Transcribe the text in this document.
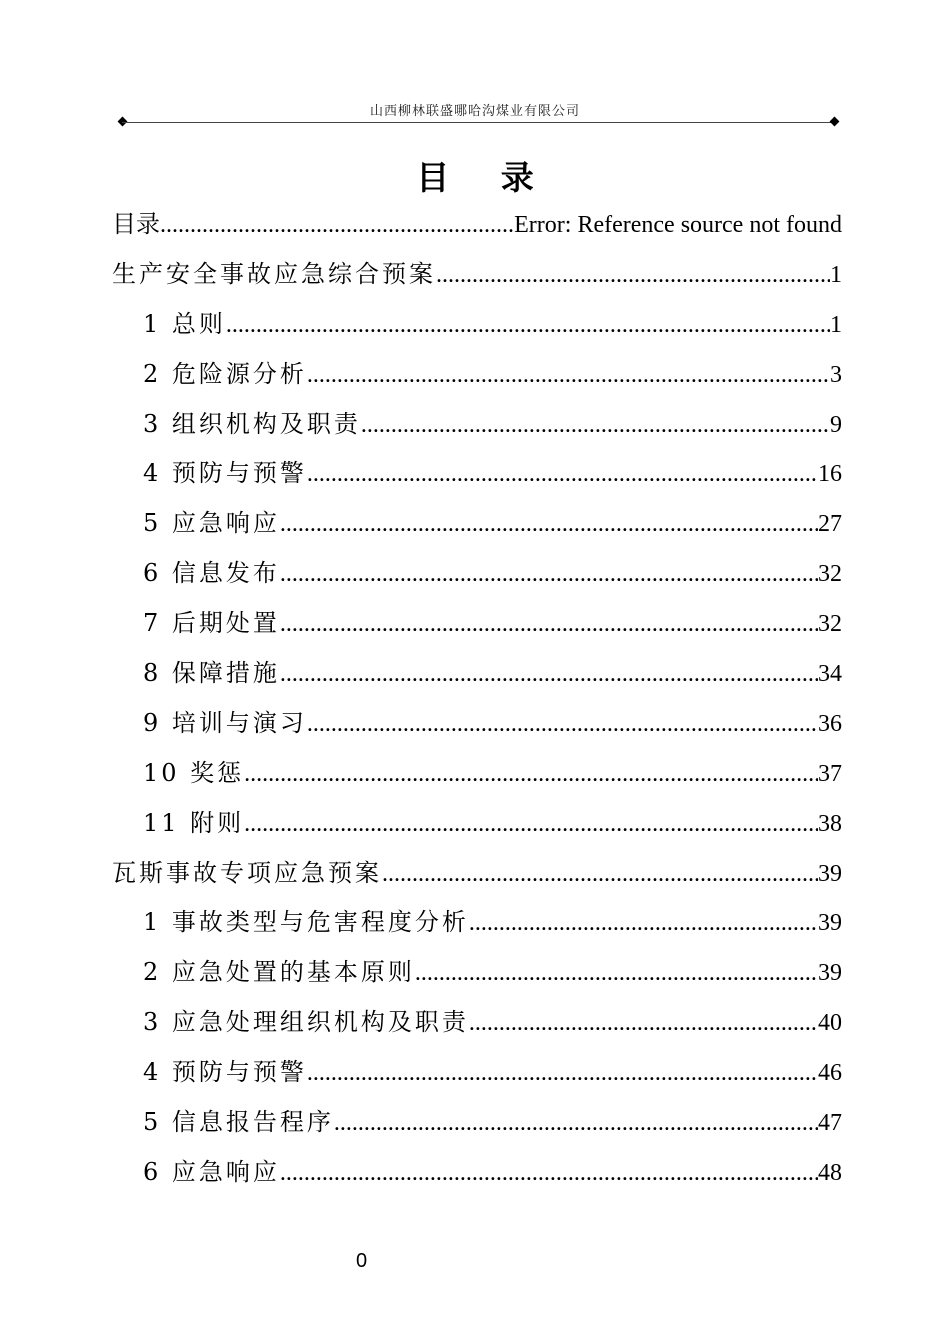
山西柳林联盛哪哈沟煤业有限公司
目 录
目录 .....	Error: Reference source not found
生产安全事故应急综合预案 .....	1
1 总则 .....	1
2 危险源分析 .....	3
3 组织机构及职责 .....	9
4 预防与预警 .....	16
5 应急响应 .....	27
6 信息发布 .....	32
7 后期处置 .....	32
8 保障措施 .....	34
9 培训与演习 .....	36
10 奖惩 .....	37
11 附则 .....	38
瓦斯事故专项应急预案 .....	39
1 事故类型与危害程度分析 .....	39
2 应急处置的基本原则 .....	39
3 应急处理组织机构及职责 .....	40
4 预防与预警 .....	46
5 信息报告程序 .....	47
6 应急响应 .....	48
0
